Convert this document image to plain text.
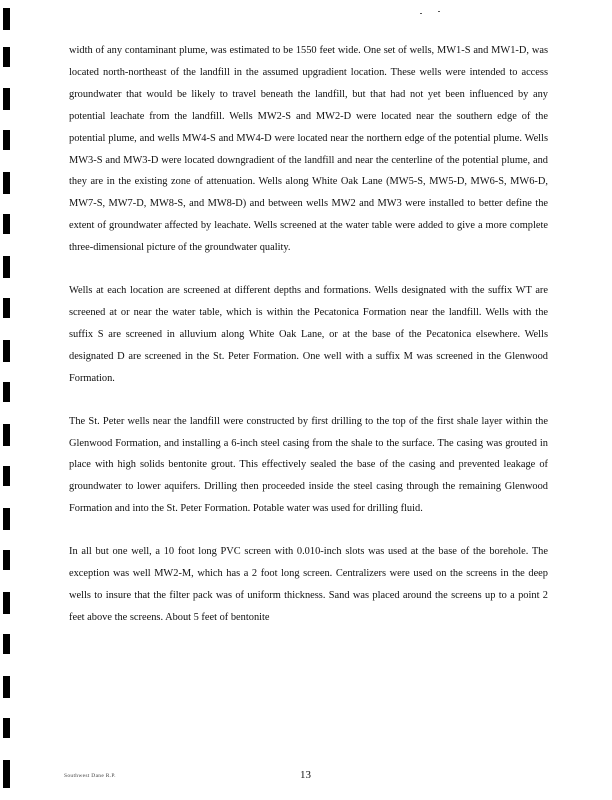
width of any contaminant plume, was estimated to be 1550 feet wide. One set of wells, MW1-S and MW1-D, was located north-northeast of the landfill in the assumed upgradient location. These wells were intended to access groundwater that would be likely to travel beneath the landfill, but that had not yet been influenced by any potential leachate from the landfill. Wells MW2-S and MW2-D were located near the southern edge of the potential plume, and wells MW4-S and MW4-D were located near the northern edge of the potential plume. Wells MW3-S and MW3-D were located downgradient of the landfill and near the centerline of the potential plume, and they are in the existing zone of attenuation. Wells along White Oak Lane (MW5-S, MW5-D, MW6-S, MW6-D, MW7-S, MW7-D, MW8-S, and MW8-D) and between wells MW2 and MW3 were installed to better define the extent of groundwater affected by leachate. Wells screened at the water table were added to give a more complete three-dimensional picture of the groundwater quality.

Wells at each location are screened at different depths and formations. Wells designated with the suffix WT are screened at or near the water table, which is within the Pecatonica Formation near the landfill. Wells with the suffix S are screened in alluvium along White Oak Lane, or at the base of the Pecatonica elsewhere. Wells designated D are screened in the St. Peter Formation. One well with a suffix M was screened in the Glenwood Formation.

The St. Peter wells near the landfill were constructed by first drilling to the top of the first shale layer within the Glenwood Formation, and installing a 6-inch steel casing from the shale to the surface. The casing was grouted in place with high solids bentonite grout. This effectively sealed the base of the casing and prevented leakage of groundwater to lower aquifers. Drilling then proceeded inside the steel casing through the remaining Glenwood Formation and into the St. Peter Formation. Potable water was used for drilling fluid.

In all but one well, a 10 foot long PVC screen with 0.010-inch slots was used at the base of the borehole. The exception was well MW2-M, which has a 2 foot long screen. Centralizers were used on the screens in the deep wells to insure that the filter pack was of uniform thickness. Sand was placed around the screens up to a point 2 feet above the screens. About 5 feet of bentonite

Southwest Dane R.P.	13
